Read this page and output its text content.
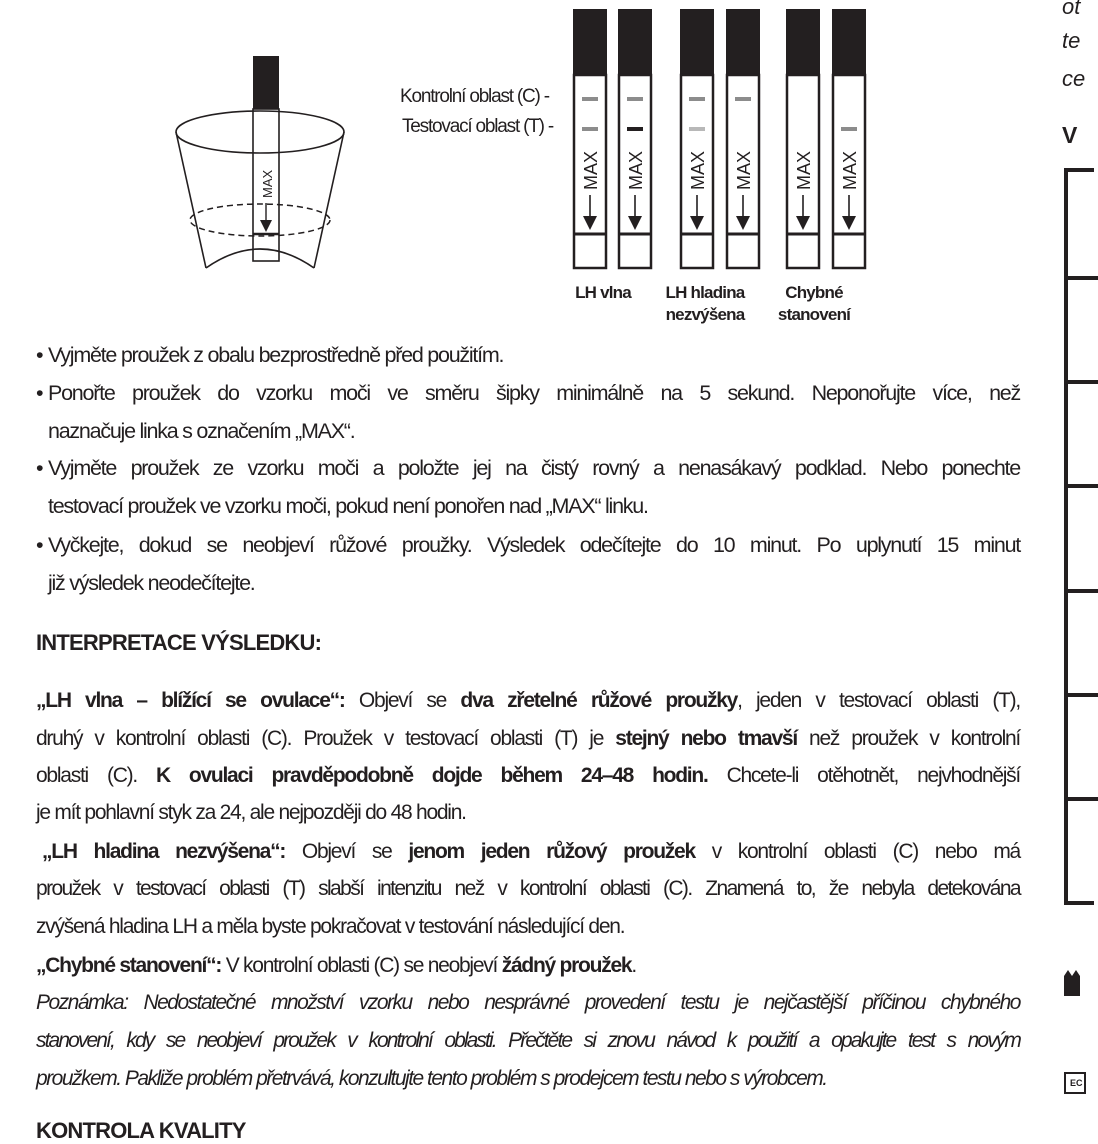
MAX
Kontrolní oblast (C) -
Testovací oblast (T) -
MAX MAX MAX MAX MAX MAX
LH vlna	LH hladina
nezvýšena
Chybné
stanovení
• Vyjměte proužek z obalu bezprostředně před použitím.
• Ponořte proužek do vzorku moči ve směru šipky minimálně na 5 sekund. Neponořujte více, než
naznačuje linka s označením „MAX“.
• Vyjměte proužek ze vzorku moči a položte jej na čistý rovný a nenasákavý podklad. Nebo ponechte
testovací proužek ve vzorku moči, pokud není ponořen nad „MAX“ linku.
• Vyčkejte, dokud se neobjeví růžové proužky. Výsledek odečítejte do 10 minut. Po uplynutí 15 minut
již výsledek neodečítejte.
INTERPRETACE VÝSLEDKU:
„LH vlna – blížící se ovulace“: Objeví se dva zřetelné růžové proužky, jeden v testovací oblasti (T),
druhý v kontrolní oblasti (C). Proužek v testovací oblasti (T) je stejný nebo tmavší než proužek v kontrolní
oblasti (C). K ovulaci pravděpodobně dojde během 24–48 hodin. Chcete-li otěhotnět, nejvhodnější
je mít pohlavní styk za 24, ale nejpozději do 48 hodin.
„LH hladina nezvýšena“: Objeví se jenom jeden růžový proužek v kontrolní oblasti (C) nebo má
proužek v testovací oblasti (T) slabší intenzitu než v kontrolní oblasti (C). Znamená to, že nebyla detekována
zvýšená hladina LH a měla byste pokračovat v testování následující den.
„Chybné stanovení“: V kontrolní oblasti (C) se neobjeví žádný proužek.
Poznámka: Nedostatečné množství vzorku nebo nesprávné provedení testu je nejčastější příčinou chybného
stanovení, kdy se neobjeví proužek v kontrolní oblasti. Přečtěte si znovu návod k použití a opakujte test s novým
proužkem. Pakliže problém přetrvává, konzultujte tento problém s prodejcem testu nebo s výrobcem.
KONTROLA KVALITY
ot
te
ce
V
EC
